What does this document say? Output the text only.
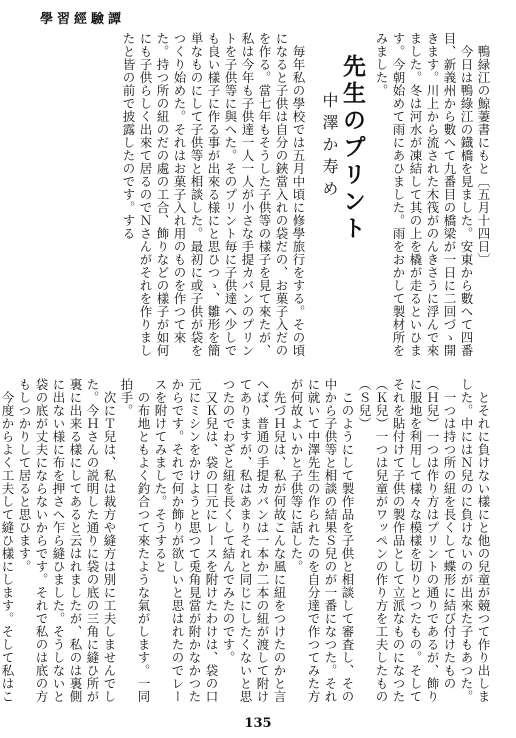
學習經驗譚

鴨緑江の鯨萋書にもと〔五月十四日〕

今日は鴨綠江の鐡橋を見ました。安東から數へて四番目、新義州から數へて九番目の橋梁が一日に二回づゝ開きます。川上から流された木筏がのんきさうに浮んで來ました。冬は河水が凍結して其の上を橇が走るといひます。今朝始めて雨にあひました。雨をおかして製材所をみました。

先生のプリント
中澤か寿め

毎年私の學校では五月中頃に修學旅行をする。その頃になると子供は自分の鋏當入れの袋だの、お菓子入だのを作る。當七年もそうした子供等の樣子を見て來たが、私は今年も子供達一人一人が小さな手提カバンのプリントを子供等に與へた。そのプリント毎に子供達へ少しでも良い樣子に作る事が出來る様にと思ひつゝ、雛形を簡単なものにして子供等と相談した。最初に或子供が袋をつくり始めた。それはお菓子入れ用のものを作つて來た。持つ所の紐のだの處の工合、飾りなどの樣子が如何にも子供らしく出來て居るのでＮさんがそれを作りましたと皆の前で披露したのです。する

とそれに負けない樣にと他の兒童が競つて作り出しました。中にはＮ兒のに負けないのが出來た子もあつた。

一つは持つ所の紐を長くして蝶形に結び付けたもの（Ｈ兒）一つは作り方はプリントの通りであるが、飾りに服地を利用して樣々な模樣を切りとつたもの。そしてそれを貼付けて子供の製作品として立派なものになつた（Ｋ兒）一つは兒童がワッペンの作り方を工夫したもの（Ｓ兒）

このようにして製作品を子供と相談して審査し、その中から子供等と相談の結果Ｓ兒のが一番になつた。それに就いて中澤先生の作られたのを自分達で作つてみた方が何故よいかと子供等に話した。

先づＨ兒は、私が何故こんな風に紐をつけたのかと言へば、普通の手提カバンは一本か二本の紐が渡して附けてありますが、私はあまりそれと同じにしたくないと思つたのでわざと紐を長くして結んでみたのです。

又Ｋ兒は、袋の口元にレースを附けたわけは、袋の口元にミシンをかけようと思つて兎角見當が附かなかつたからです。それで何か飾りが欲しいと思はれたのでレースを附けてみました。そうすると

の布地ともよく釣合つて來たような氣がします。一同拍手。

次にＴ兒は、私は裁方や縫方は別に工夫しませんでした。今Ｈさんの説明した通りに袋の底の三角に縫ひ所が裏に出来る樣にしてあると云はれましたが、私のは裏側に出ない様に布を押さへ乍ら縫ひました。そうしないと袋の底が丈夫にならないからです。それで私のは底の方もしつかりして居ると思ひます。

今度からよく工夫して縫ひ樣にします。そして私はこ

135
